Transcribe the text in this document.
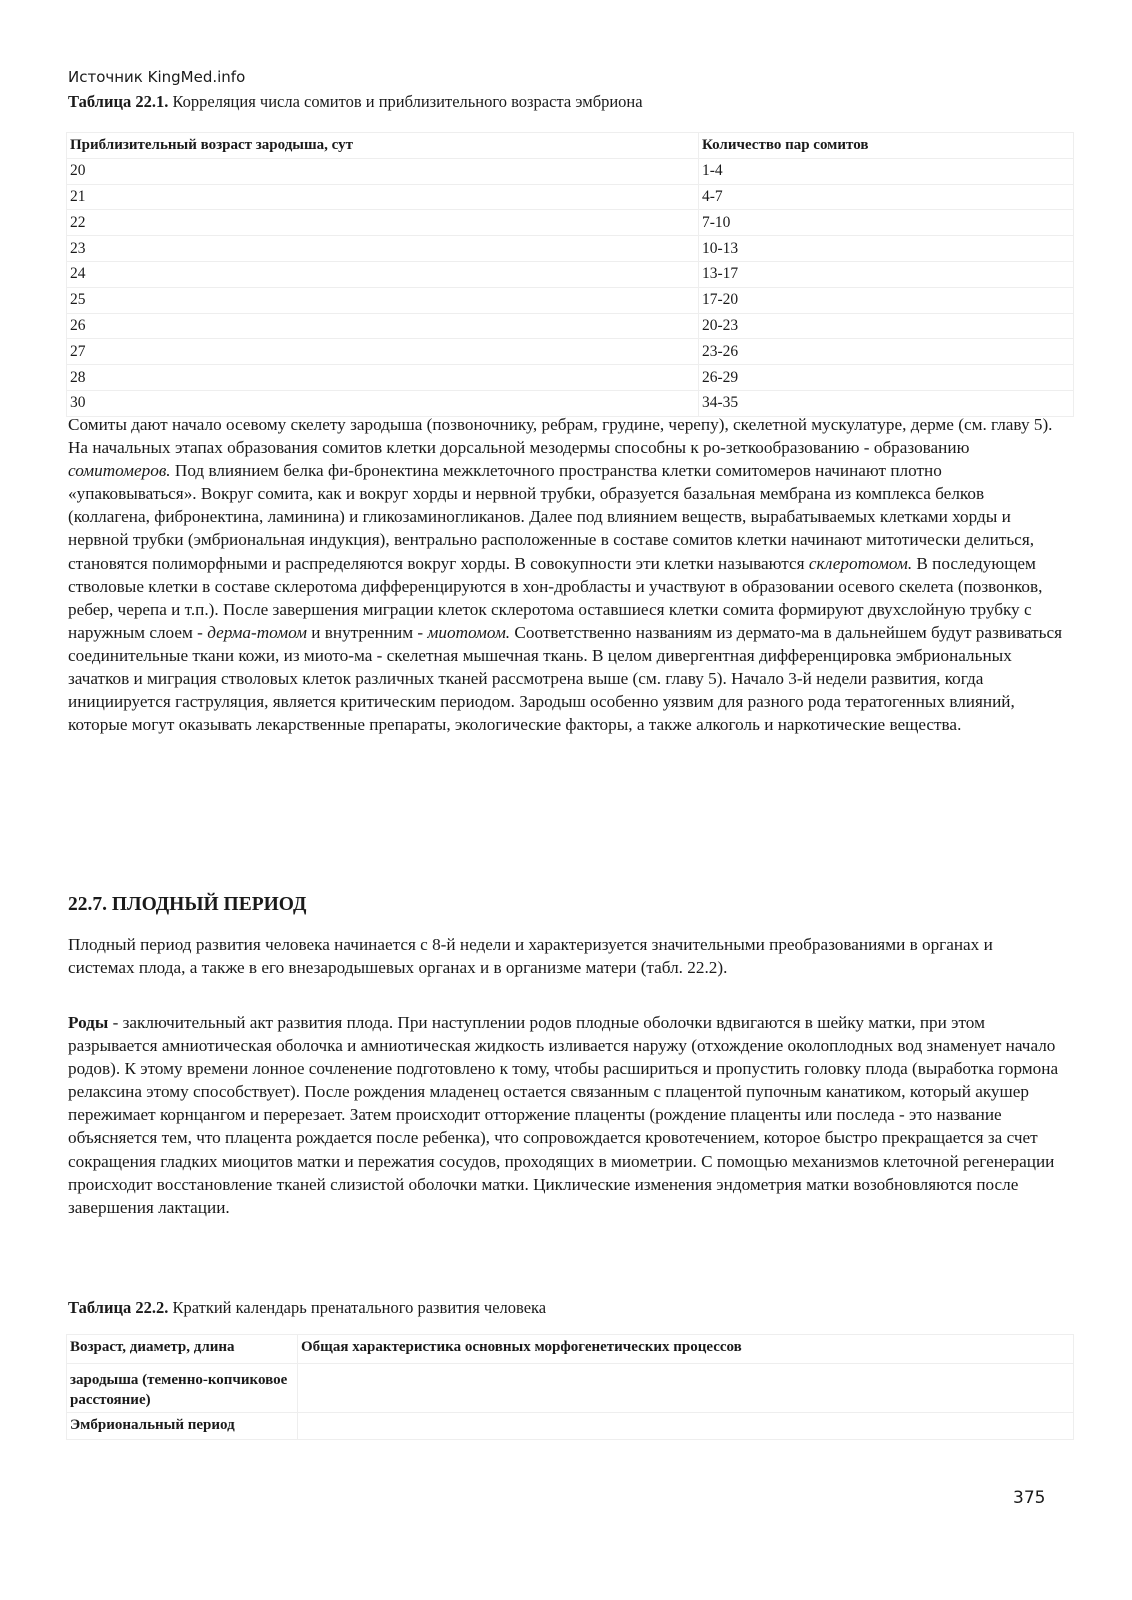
Источник KingMed.info
Таблица 22.1. Корреляция числа сомитов и приблизительного возраста эмбриона
Приблизительный возраст зародыша, сут	Количество пар сомитов
20	1-4
21	4-7
22	7-10
23	10-13
24	13-17
25	17-20
26	20-23
27	23-26
28	26-29
30	34-35

Сомиты дают начало осевому скелету зародыша (позвоночнику, ребрам, грудине, черепу), скелетной мускулатуре, дерме (см. главу 5). На начальных этапах образования сомитов клетки дорсальной мезодермы способны к ро-зеткообразованию - образованию сомитомеров. Под влиянием белка фи-бронектина межклеточного пространства клетки сомитомеров начинают плотно «упаковываться». Вокруг сомита, как и вокруг хорды и нервной трубки, образуется базальная мембрана из комплекса белков (коллагена, фибронектина, ламинина) и гликозаминогликанов. Далее под влиянием веществ, вырабатываемых клетками хорды и нервной трубки (эмбриональная индукция), вентрально расположенные в составе сомитов клетки начинают митотически делиться, становятся полиморфными и распределяются вокруг хорды. В совокупности эти клетки называются склеротомом. В последующем стволовые клетки в составе склеротома дифференцируются в хон-дробласты и участвуют в образовании осевого скелета (позвонков, ребер, черепа и т.п.). После завершения миграции клеток склеротома оставшиеся клетки сомита формируют двухслойную трубку с наружным слоем - дерма-томом и внутренним - миотомом. Соответственно названиям из дермато-ма в дальнейшем будут развиваться соединительные ткани кожи, из миото-ма - скелетная мышечная ткань. В целом дивергентная дифференцировка эмбриональных зачатков и миграция стволовых клеток различных тканей рассмотрена выше (см. главу 5). Начало 3-й недели развития, когда инициируется гаструляция, является критическим периодом. Зародыш особенно уязвим для разного рода тератогенных влияний, которые могут оказывать лекарственные препараты, экологические факторы, а также алкоголь и наркотические вещества.

22.7. ПЛОДНЫЙ ПЕРИОД

Плодный период развития человека начинается с 8-й недели и характеризуется значительными преобразованиями в органах и системах плода, а также в его внезародышевых органах и в организме матери (табл. 22.2).

Роды - заключительный акт развития плода. При наступлении родов плодные оболочки вдвигаются в шейку матки, при этом разрывается амниотическая оболочка и амниотическая жидкость изливается наружу (отхождение околоплодных вод знаменует начало родов). К этому времени лонное сочленение подготовлено к тому, чтобы расшириться и пропустить головку плода (выработка гормона релаксина этому способствует). После рождения младенец остается связанным с плацентой пупочным канатиком, который акушер пережимает корнцангом и перерезает. Затем происходит отторжение плаценты (рождение плаценты или последа - это название объясняется тем, что плацента рождается после ребенка), что сопровождается кровотечением, которое быстро прекращается за счет сокращения гладких миоцитов матки и пережатия сосудов, проходящих в миометрии. С помощью механизмов клеточной регенерации происходит восстановление тканей слизистой оболочки матки. Циклические изменения эндометрия матки возобновляются после завершения лактации.

Таблица 22.2. Краткий календарь пренатального развития человека
Возраст, диаметр, длина	Общая характеристика основных морфогенетических процессов
зародыша (теменно-копчиковое расстояние)	
Эмбриональный период	
375
